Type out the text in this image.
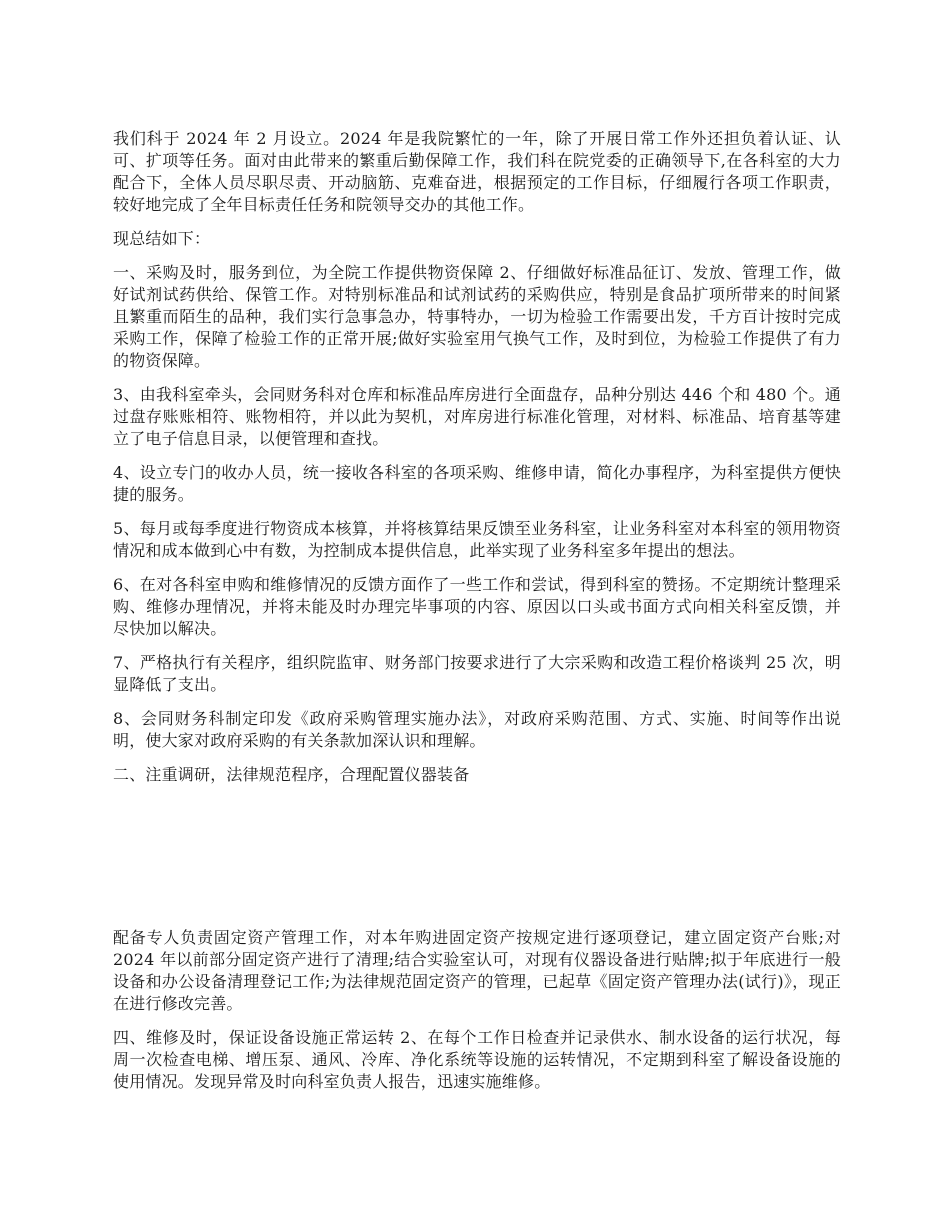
我们科于 2024 年 2 月设立。2024 年是我院繁忙的一年，除了开展日常工作外还担负着认证、认可、扩项等任务。面对由此带来的繁重后勤保障工作，我们科在院党委的正确领导下,在各科室的大力配合下，全体人员尽职尽责、开动脑筋、克难奋进，根据预定的工作目标，仔细履行各项工作职责，较好地完成了全年目标责任任务和院领导交办的其他工作。

现总结如下：

一、采购及时，服务到位，为全院工作提供物资保障 2、仔细做好标准品征订、发放、管理工作，做好试剂试药供给、保管工作。对特别标准品和试剂试药的采购供应，特别是食品扩项所带来的时间紧且繁重而陌生的品种，我们实行急事急办，特事特办，一切为检验工作需要出发，千方百计按时完成采购工作，保障了检验工作的正常开展;做好实验室用气换气工作，及时到位，为检验工作提供了有力的物资保障。

3、由我科室牵头，会同财务科对仓库和标准品库房进行全面盘存，品种分别达 446 个和 480 个。通过盘存账账相符、账物相符，并以此为契机，对库房进行标准化管理，对材料、标准品、培育基等建立了电子信息目录，以便管理和查找。

4、设立专门的收办人员，统一接收各科室的各项采购、维修申请，简化办事程序，为科室提供方便快捷的服务。

5、每月或每季度进行物资成本核算，并将核算结果反馈至业务科室，让业务科室对本科室的领用物资情况和成本做到心中有数，为控制成本提供信息，此举实现了业务科室多年提出的想法。

6、在对各科室申购和维修情况的反馈方面作了一些工作和尝试，得到科室的赞扬。不定期统计整理采购、维修办理情况，并将未能及时办理完毕事项的内容、原因以口头或书面方式向相关科室反馈，并尽快加以解决。

7、严格执行有关程序，组织院监审、财务部门按要求进行了大宗采购和改造工程价格谈判 25 次，明显降低了支出。

8、会同财务科制定印发《政府采购管理实施办法》，对政府采购范围、方式、实施、时间等作出说明，使大家对政府采购的有关条款加深认识和理解。

二、注重调研，法律规范程序，合理配置仪器装备

配备专人负责固定资产管理工作，对本年购进固定资产按规定进行逐项登记，建立固定资产台账;对 2024 年以前部分固定资产进行了清理;结合实验室认可，对现有仪器设备进行贴牌;拟于年底进行一般设备和办公设备清理登记工作;为法律规范固定资产的管理，已起草《固定资产管理办法(试行)》，现正在进行修改完善。

四、维修及时，保证设备设施正常运转 2、在每个工作日检查并记录供水、制水设备的运行状况，每周一次检查电梯、增压泵、通风、冷库、净化系统等设施的运转情况，不定期到科室了解设备设施的使用情况。发现异常及时向科室负责人报告，迅速实施维修。
